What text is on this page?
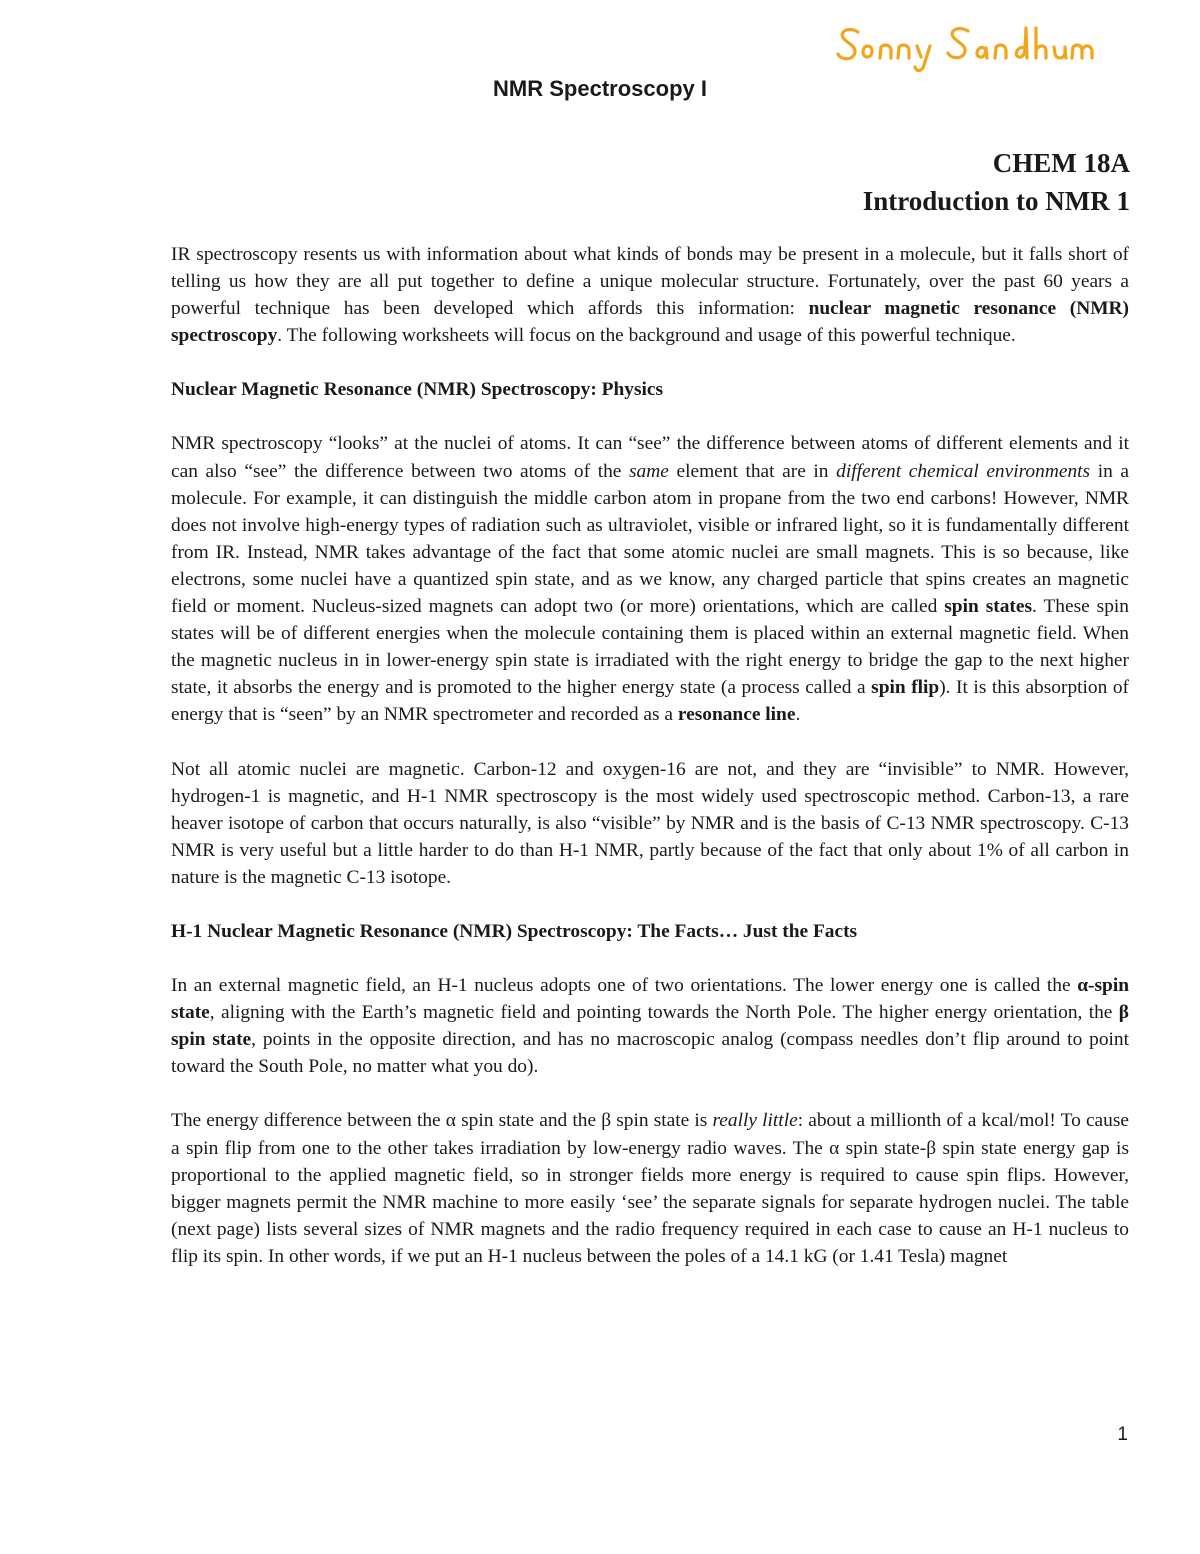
NMR Spectroscopy I
CHEM 18A
Introduction to NMR 1

IR spectroscopy resents us with information about what kinds of bonds may be present in a molecule, but it falls short of telling us how they are all put together to define a unique molecular structure. Fortunately, over the past 60 years a powerful technique has been developed which affords this information: nuclear magnetic resonance (NMR) spectroscopy. The following worksheets will focus on the background and usage of this powerful technique.

Nuclear Magnetic Resonance (NMR) Spectroscopy: Physics

NMR spectroscopy “looks” at the nuclei of atoms. It can “see” the difference between atoms of different elements and it can also “see” the difference between two atoms of the same element that are in different chemical environments in a molecule. For example, it can distinguish the middle carbon atom in propane from the two end carbons! However, NMR does not involve high-energy types of radiation such as ultraviolet, visible or infrared light, so it is fundamentally different from IR. Instead, NMR takes advantage of the fact that some atomic nuclei are small magnets. This is so because, like electrons, some nuclei have a quantized spin state, and as we know, any charged particle that spins creates an magnetic field or moment. Nucleus-sized magnets can adopt two (or more) orientations, which are called spin states. These spin states will be of different energies when the molecule containing them is placed within an external magnetic field. When the magnetic nucleus in in lower-energy spin state is irradiated with the right energy to bridge the gap to the next higher state, it absorbs the energy and is promoted to the higher energy state (a process called a spin flip). It is this absorption of energy that is “seen” by an NMR spectrometer and recorded as a resonance line.

Not all atomic nuclei are magnetic. Carbon-12 and oxygen-16 are not, and they are “invisible” to NMR. However, hydrogen-1 is magnetic, and H-1 NMR spectroscopy is the most widely used spectroscopic method. Carbon-13, a rare heaver isotope of carbon that occurs naturally, is also “visible” by NMR and is the basis of C-13 NMR spectroscopy. C-13 NMR is very useful but a little harder to do than H-1 NMR, partly because of the fact that only about 1% of all carbon in nature is the magnetic C-13 isotope.

H-1 Nuclear Magnetic Resonance (NMR) Spectroscopy: The Facts… Just the Facts

In an external magnetic field, an H-1 nucleus adopts one of two orientations. The lower energy one is called the α-spin state, aligning with the Earth’s magnetic field and pointing towards the North Pole. The higher energy orientation, the β spin state, points in the opposite direction, and has no macroscopic analog (compass needles don’t flip around to point toward the South Pole, no matter what you do).

The energy difference between the α spin state and the β spin state is really little: about a millionth of a kcal/mol! To cause a spin flip from one to the other takes irradiation by low-energy radio waves. The α spin state-β spin state energy gap is proportional to the applied magnetic field, so in stronger fields more energy is required to cause spin flips. However, bigger magnets permit the NMR machine to more easily ‘see’ the separate signals for separate hydrogen nuclei. The table (next page) lists several sizes of NMR magnets and the radio frequency required in each case to cause an H-1 nucleus to flip its spin. In other words, if we put an H-1 nucleus between the poles of a 14.1 kG (or 1.41 Tesla) magnet

1
